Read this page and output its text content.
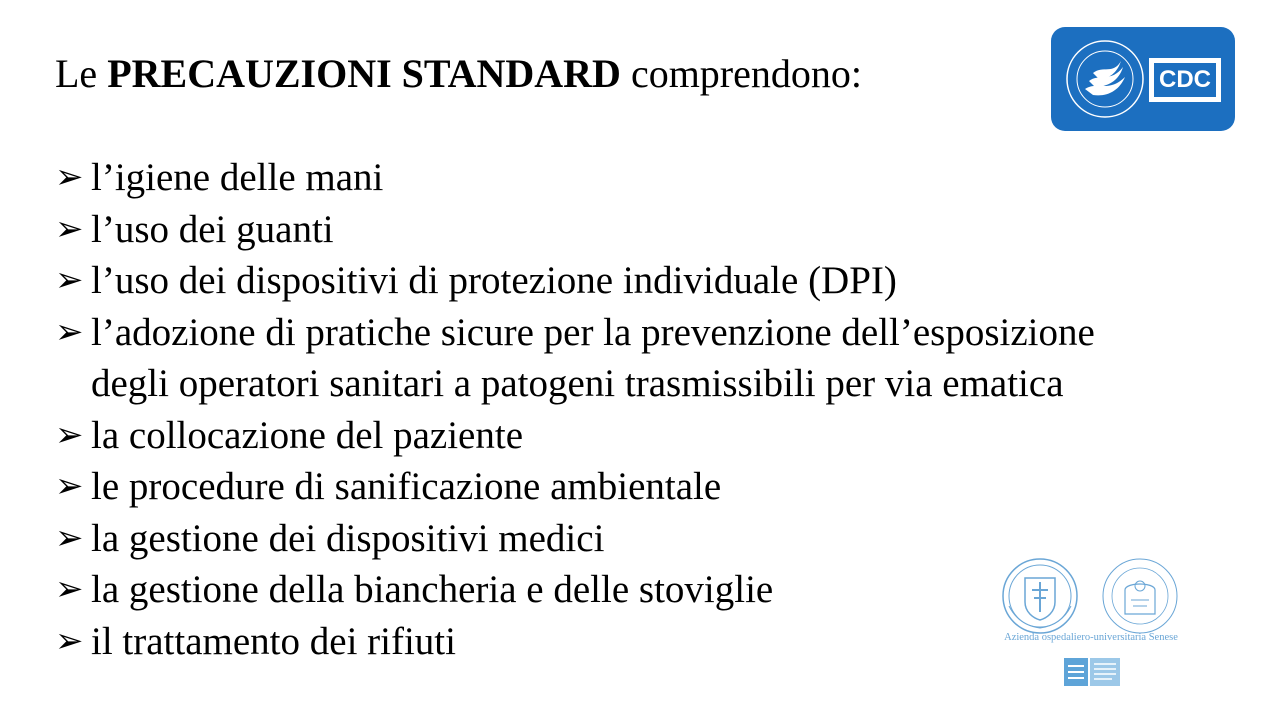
Le PRECAUZIONI STANDARD comprendono:
➢ l’igiene delle mani
➢ l’uso dei guanti
➢ l’uso dei dispositivi di protezione individuale (DPI)
➢ l’adozione di pratiche sicure per la prevenzione dell’esposizione
degli operatori sanitari a patogeni trasmissibili per via ematica
➢ la collocazione del paziente
➢ le procedure di sanificazione ambientale
➢ la gestione dei dispositivi medici
➢ la gestione della biancheria e delle stoviglie
➢ il trattamento dei rifiuti
CDC
Azienda ospedaliero-universitaria Senese
